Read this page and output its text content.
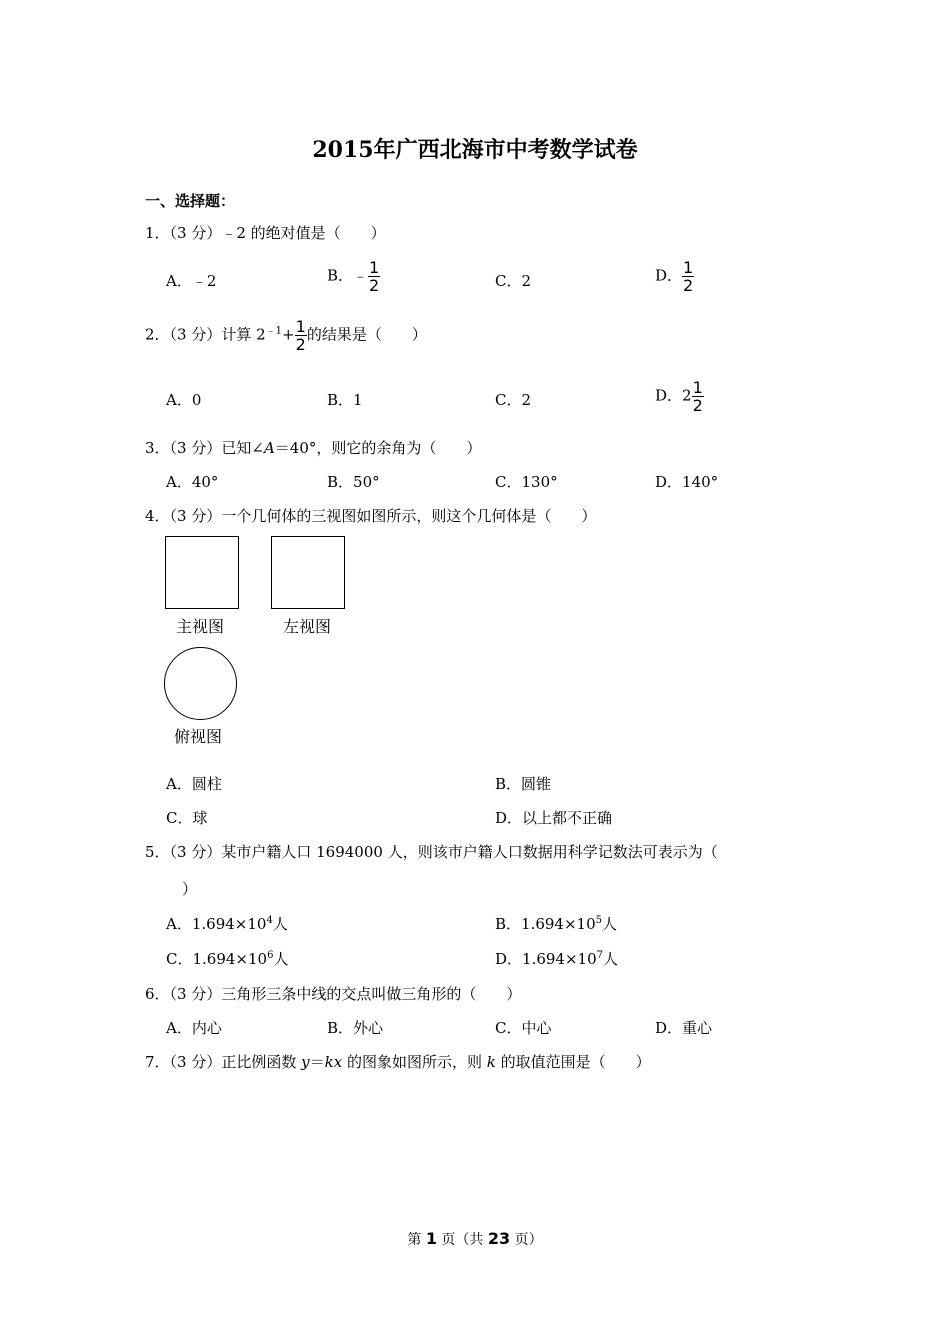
2015年广西北海市中考数学试卷
一、选择题：
1．（3 分）﹣2 的绝对值是（　　）
A．﹣2	B．﹣ $\frac{1}{2}$	C．2	D． $\frac{1}{2}$
2．（3 分）计算 $2^{﹣1}+ \frac{1}{2}$ 的结果是（　　）
A．0	B．1	C．2	D．$2 \frac{1}{2}$
3．（3 分）已知∠A＝40°，则它的余角为（　　）
A．40°	B．50°	C．130°	D．140°
4．（3 分）一个几何体的三视图如图所示，则这个几何体是（　　）
主视图	左视图
俯视图
A．圆柱	B．圆锥
C．球	D．以上都不正确
5．（3 分）某市户籍人口 1694000 人，则该市户籍人口数据用科学记数法可表示为（
）
A．$1.694\times 10^4$人	B．$1.694\times 10^5$人
C．$1.694\times 10^6$人	D．$1.694\times 10^7$人
6．（3 分）三角形三条中线的交点叫做三角形的（　　）
A．内心	B．外心	C．中心	D．重心
7．（3 分）正比例函数 y＝kx 的图象如图所示，则 k 的取值范围是（　　）
第 1 页（共 23 页）
